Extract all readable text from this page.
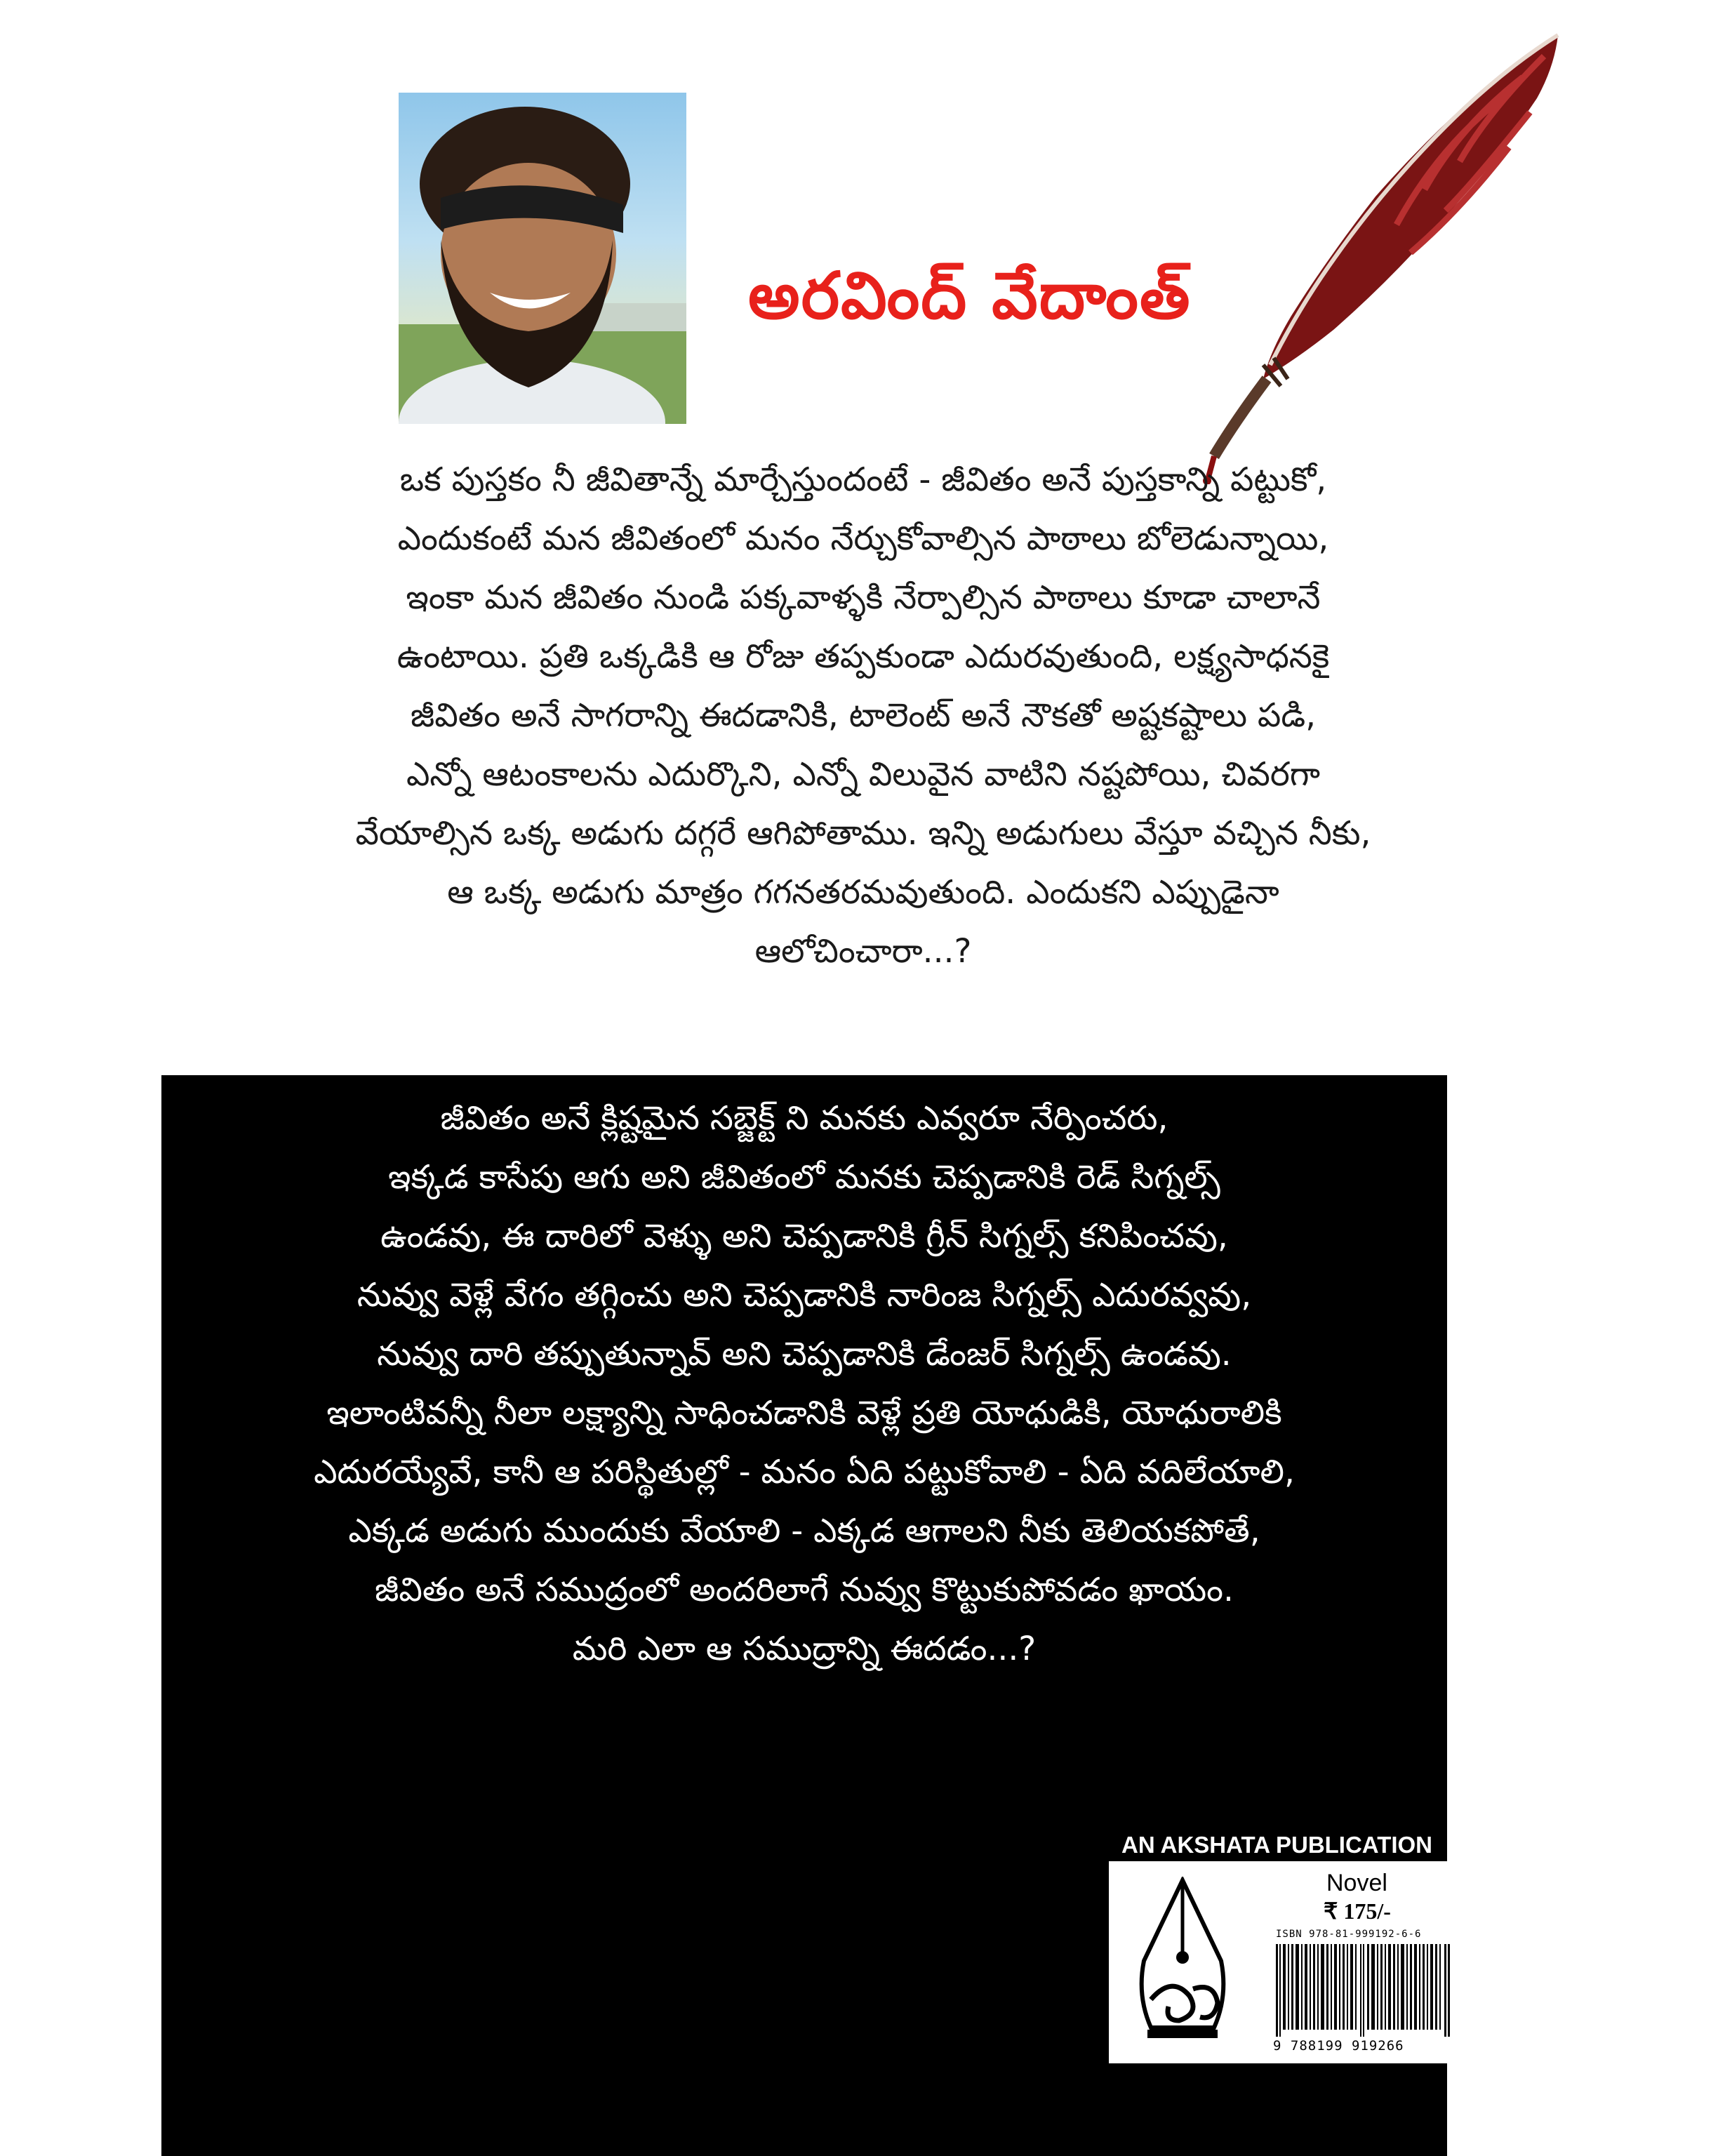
అరవింద్ వేదాంత్
ఒక పుస్తకం నీ జీవితాన్నే మార్చేస్తుందంటే - జీవితం అనే పుస్తకాన్ని పట్టుకో,
ఎందుకంటే మన జీవితంలో మనం నేర్చుకోవాల్సిన పాఠాలు బోలెడున్నాయి,
ఇంకా మన జీవితం నుండి పక్కవాళ్ళకి నేర్పాల్సిన పాఠాలు కూడా చాలానే
ఉంటాయి. ప్రతి ఒక్కడికి ఆ రోజు తప్పకుండా ఎదురవుతుంది, లక్ష్యసాధనకై
జీవితం అనే సాగరాన్ని ఈదడానికి, టాలెంట్ అనే నౌకతో అష్టకష్టాలు పడి,
ఎన్నో ఆటంకాలను ఎదుర్కొని, ఎన్నో విలువైన వాటిని నష్టపోయి, చివరగా
వేయాల్సిన ఒక్క అడుగు దగ్గరే ఆగిపోతాము. ఇన్ని అడుగులు వేస్తూ వచ్చిన నీకు,
ఆ ఒక్క అడుగు మాత్రం గగనతరమవుతుంది. ఎందుకని ఎప్పుడైనా
ఆలోచించారా...?
జీవితం అనే క్లిష్టమైన సబ్జెక్ట్ ని మనకు ఎవ్వరూ నేర్పించరు,
ఇక్కడ కాసేపు ఆగు అని జీవితంలో మనకు చెప్పడానికి రెడ్ సిగ్నల్స్
ఉండవు, ఈ దారిలో వెళ్ళు అని చెప్పడానికి గ్రీన్ సిగ్నల్స్ కనిపించవు,
నువ్వు వెళ్లే వేగం తగ్గించు అని చెప్పడానికి నారింజ సిగ్నల్స్ ఎదురవ్వవు,
నువ్వు దారి తప్పుతున్నావ్ అని చెప్పడానికి డేంజర్ సిగ్నల్స్ ఉండవు.
ఇలాంటివన్నీ నీలా లక్ష్యాన్ని సాధించడానికి వెళ్లే ప్రతి యోధుడికి, యోధురాలికి
ఎదురయ్యేవే, కానీ ఆ పరిస్థితుల్లో - మనం ఏది పట్టుకోవాలి - ఏది వదిలేయాలి,
ఎక్కడ అడుగు ముందుకు వేయాలి - ఎక్కడ ఆగాలని నీకు తెలియకపోతే,
జీవితం అనే సముద్రంలో అందరిలాగే నువ్వు కొట్టుకుపోవడం ఖాయం.
మరి ఎలా ఆ సముద్రాన్ని ఈదడం...?
AN AKSHATA PUBLICATION
Novel
₹ 175/-
ISBN 978-81-999192-6-6
9 788199 919266
